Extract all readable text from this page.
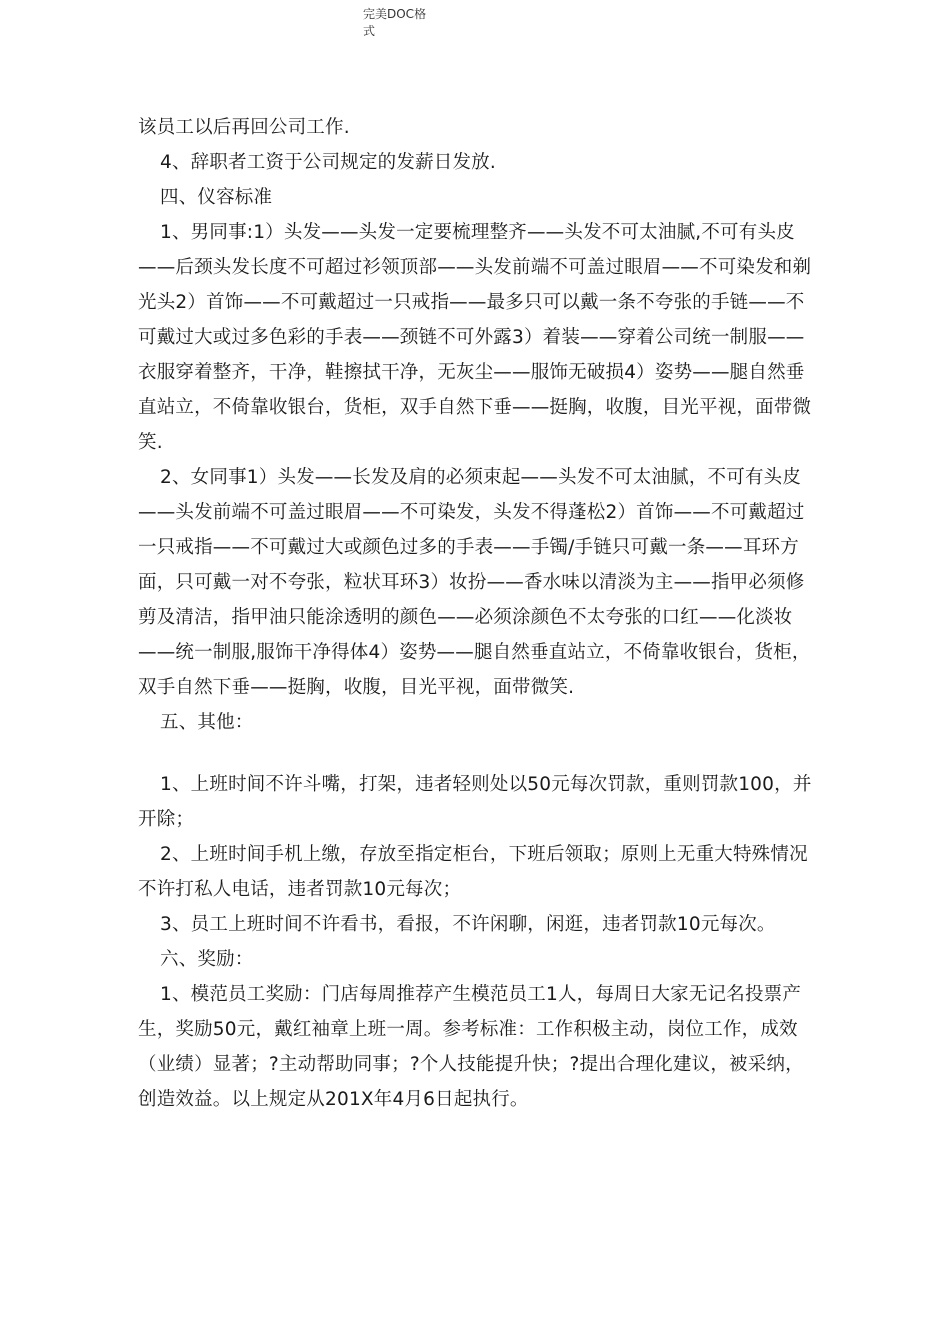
完美DOC格
式

该员工以后再回公司工作.

4、辞职者工资于公司规定的发薪日发放.

四、仪容标准

1、男同事:1）头发——头发一定要梳理整齐——头发不可太油腻,不可有头皮——后颈头发长度不可超过衫领顶部——头发前端不可盖过眼眉——不可染发和剃光头2）首饰——不可戴超过一只戒指——最多只可以戴一条不夸张的手链——不可戴过大或过多色彩的手表——颈链不可外露3）着装——穿着公司统一制服——衣服穿着整齐，干净，鞋擦拭干净，无灰尘——服饰无破损4）姿势——腿自然垂直站立，不倚靠收银台，货柜，双手自然下垂——挺胸，收腹，目光平视，面带微笑.

2、女同事1）头发——长发及肩的必须束起——头发不可太油腻，不可有头皮——头发前端不可盖过眼眉——不可染发，头发不得蓬松2）首饰——不可戴超过一只戒指——不可戴过大或颜色过多的手表——手镯/手链只可戴一条——耳环方面，只可戴一对不夸张，粒状耳环3）妆扮——香水味以清淡为主——指甲必须修剪及清洁，指甲油只能涂透明的颜色——必须涂颜色不太夸张的口红——化淡妆——统一制服,服饰干净得体4）姿势——腿自然垂直站立，不倚靠收银台，货柜，双手自然下垂——挺胸，收腹，目光平视，面带微笑.

五、其他：

1、上班时间不许斗嘴，打架，违者轻则处以50元每次罚款，重则罚款100，并开除；

2、上班时间手机上缴，存放至指定柜台，下班后领取；原则上无重大特殊情况不许打私人电话，违者罚款10元每次；

3、员工上班时间不许看书，看报，不许闲聊，闲逛，违者罚款10元每次。

六、奖励：

1、模范员工奖励：门店每周推荐产生模范员工1人，每周日大家无记名投票产生，奖励50元，戴红袖章上班一周。参考标准：工作积极主动，岗位工作，成效（业绩）显著；?主动帮助同事；?个人技能提升快；?提出合理化建议，被采纳，创造效益。以上规定从201X年4月6日起执行。
